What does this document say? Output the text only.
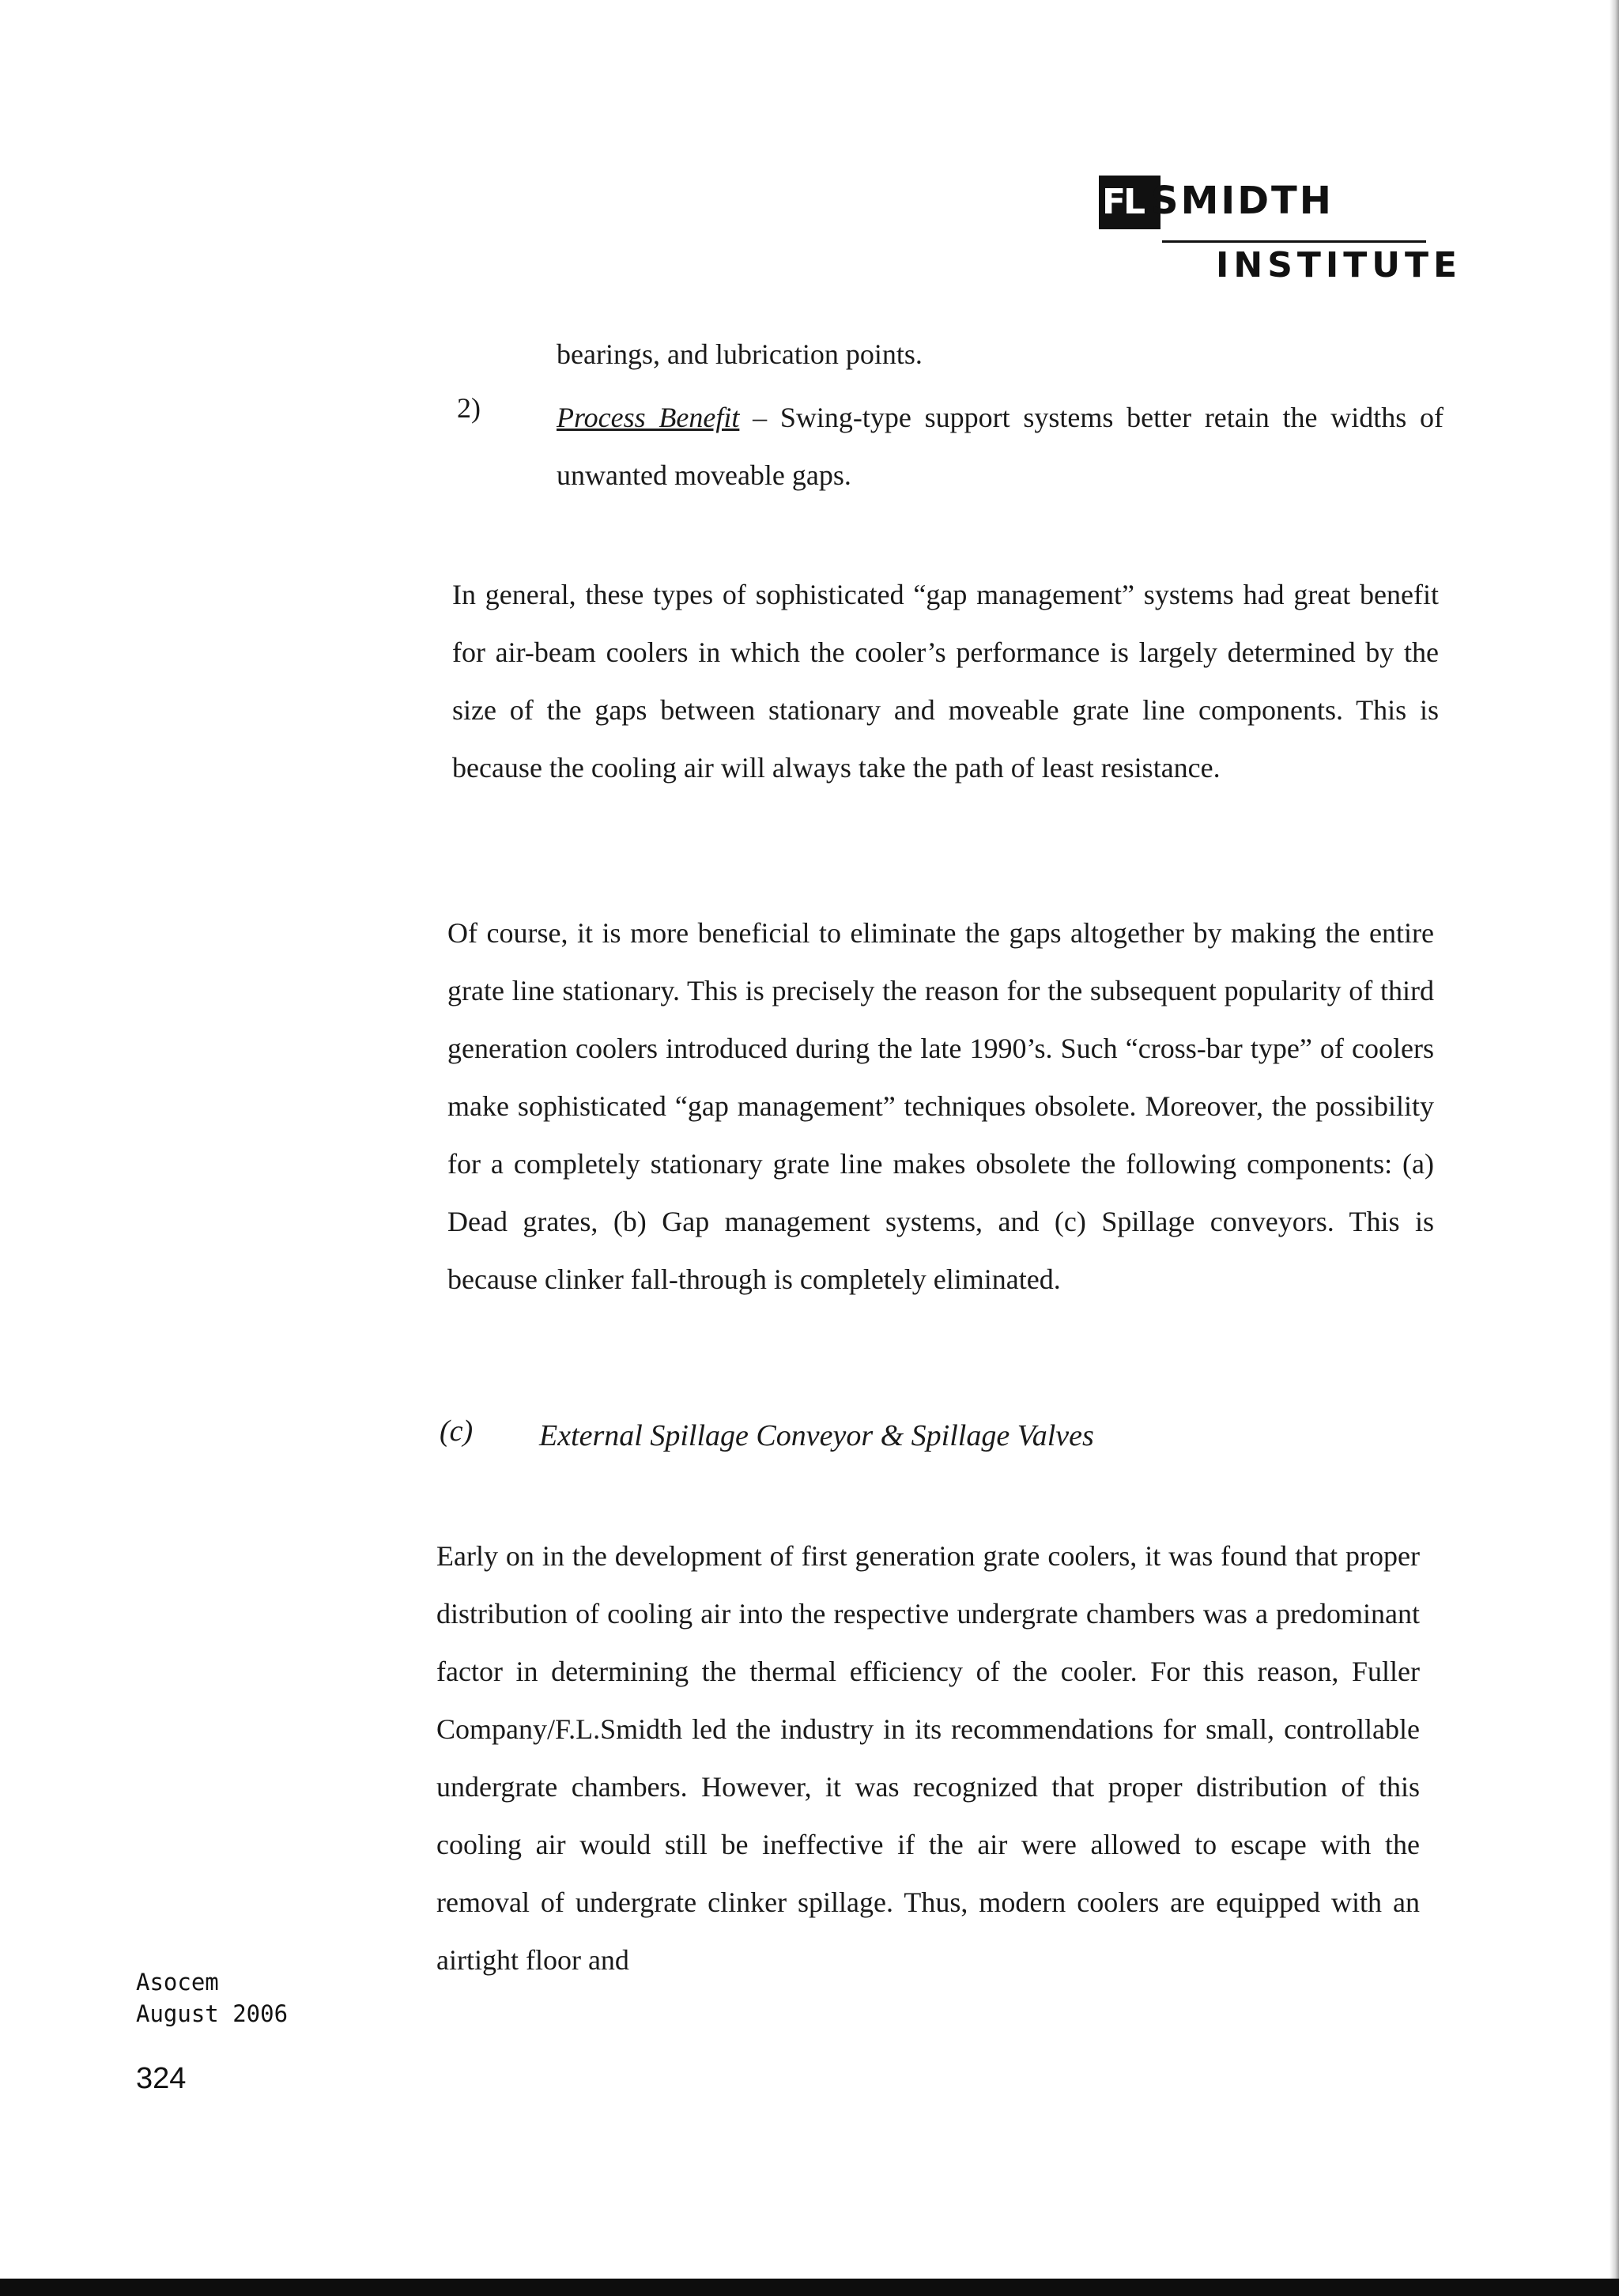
FL SMIDTH
INSTITUTE

bearings, and lubrication points.

2)	Process Benefit – Swing-type support systems better retain the widths of unwanted moveable gaps.

In general, these types of sophisticated “gap management” systems had great benefit for air-beam coolers in which the cooler’s performance is largely determined by the size of the gaps between stationary and moveable grate line components. This is because the cooling air will always take the path of least resistance.

Of course, it is more beneficial to eliminate the gaps altogether by making the entire grate line stationary. This is precisely the reason for the subsequent popularity of third generation coolers introduced during the late 1990’s. Such “cross-bar type” of coolers make sophisticated “gap management” techniques obsolete. Moreover, the possibility for a completely stationary grate line makes obsolete the following components: (a) Dead grates, (b) Gap management systems, and (c) Spillage conveyors. This is because clinker fall-through is completely eliminated.

(c) External Spillage Conveyor & Spillage Valves

Early on in the development of first generation grate coolers, it was found that proper distribution of cooling air into the respective undergrate chambers was a predominant factor in determining the thermal efficiency of the cooler. For this reason, Fuller Company/F.L.Smidth led the industry in its recommendations for small, controllable undergrate chambers. However, it was recognized that proper distribution of this cooling air would still be ineffective if the air were allowed to escape with the removal of undergrate clinker spillage. Thus, modern coolers are equipped with an airtight floor and

Asocem
August 2006
324
